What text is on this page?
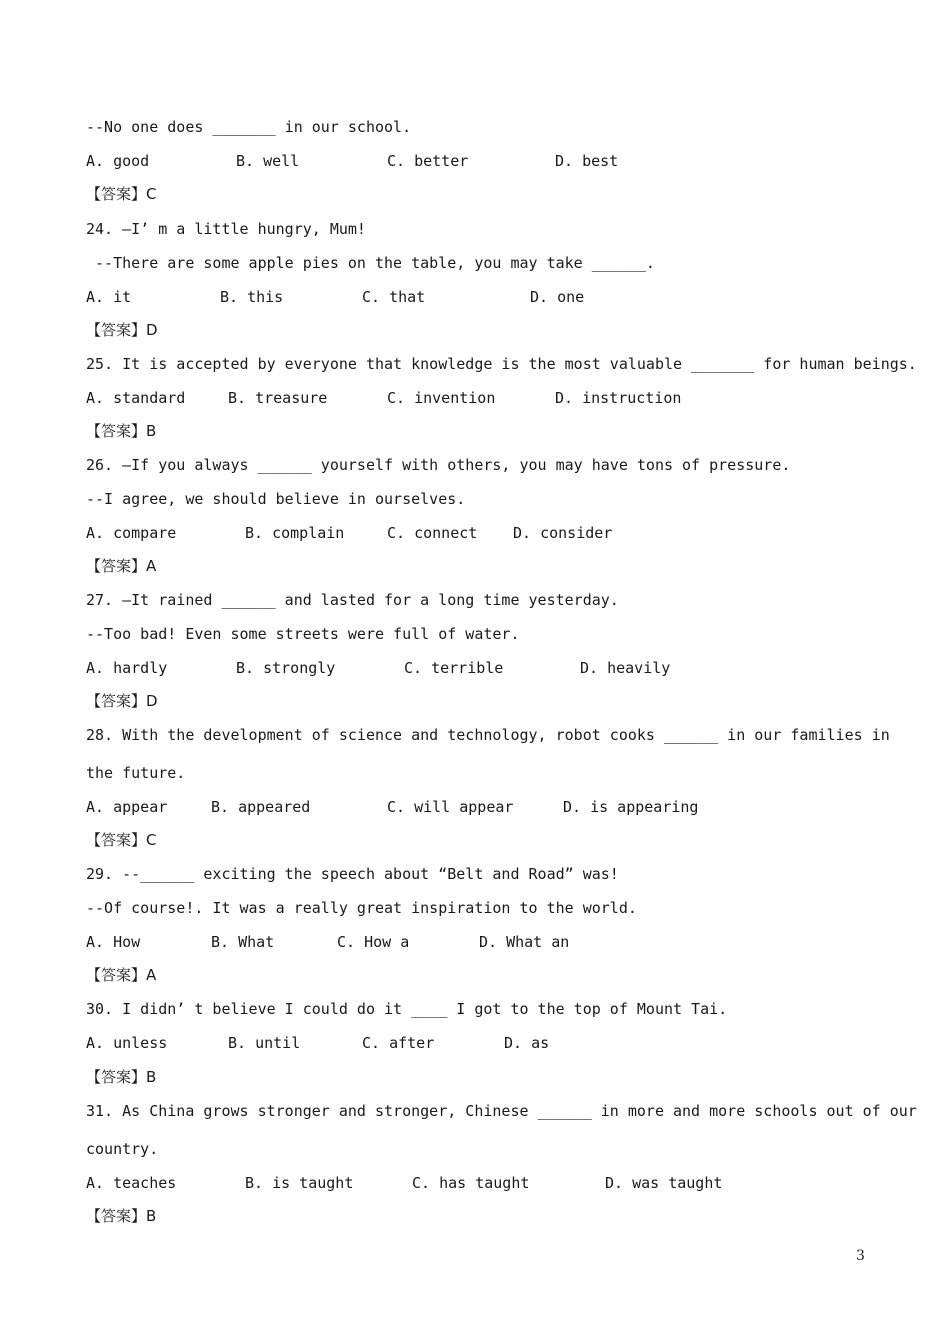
--No one does _______ in our school.
A. good	B. well	C. better	D. best
【答案】C
24. –I’ m a little hungry, Mum!
--There are some apple pies on the table, you may take ______.
A. it	B. this	C. that	D. one
【答案】D
25. It is accepted by everyone that knowledge is the most valuable _______ for human beings.
A. standard	B. treasure	C. invention	D. instruction
【答案】B
26. –If you always ______ yourself with others, you may have tons of pressure.
--I agree, we should believe in ourselves.
A. compare	B. complain	C. connect D. consider
【答案】A
27. –It rained ______ and lasted for a long time yesterday.
--Too bad! Even some streets were full of water.
A. hardly	B. strongly	C. terrible	D. heavily
【答案】D
28. With the development of science and technology, robot cooks ______ in our families in
the future.
A. appear	B. appeared	C. will appear	D. is appearing
【答案】C
29. --______ exciting the speech about “Belt and Road” was!
--Of course!. It was a really great inspiration to the world.
A. How	B. What	C. How a	D. What an
【答案】A
30. I didn’ t believe I could do it ____ I got to the top of Mount Tai.
A. unless	B. until	C. after	D. as
【答案】B
31. As China grows stronger and stronger, Chinese ______ in more and more schools out of our
country.
A. teaches	B. is taught	C. has taught	D. was taught
【答案】B
3
